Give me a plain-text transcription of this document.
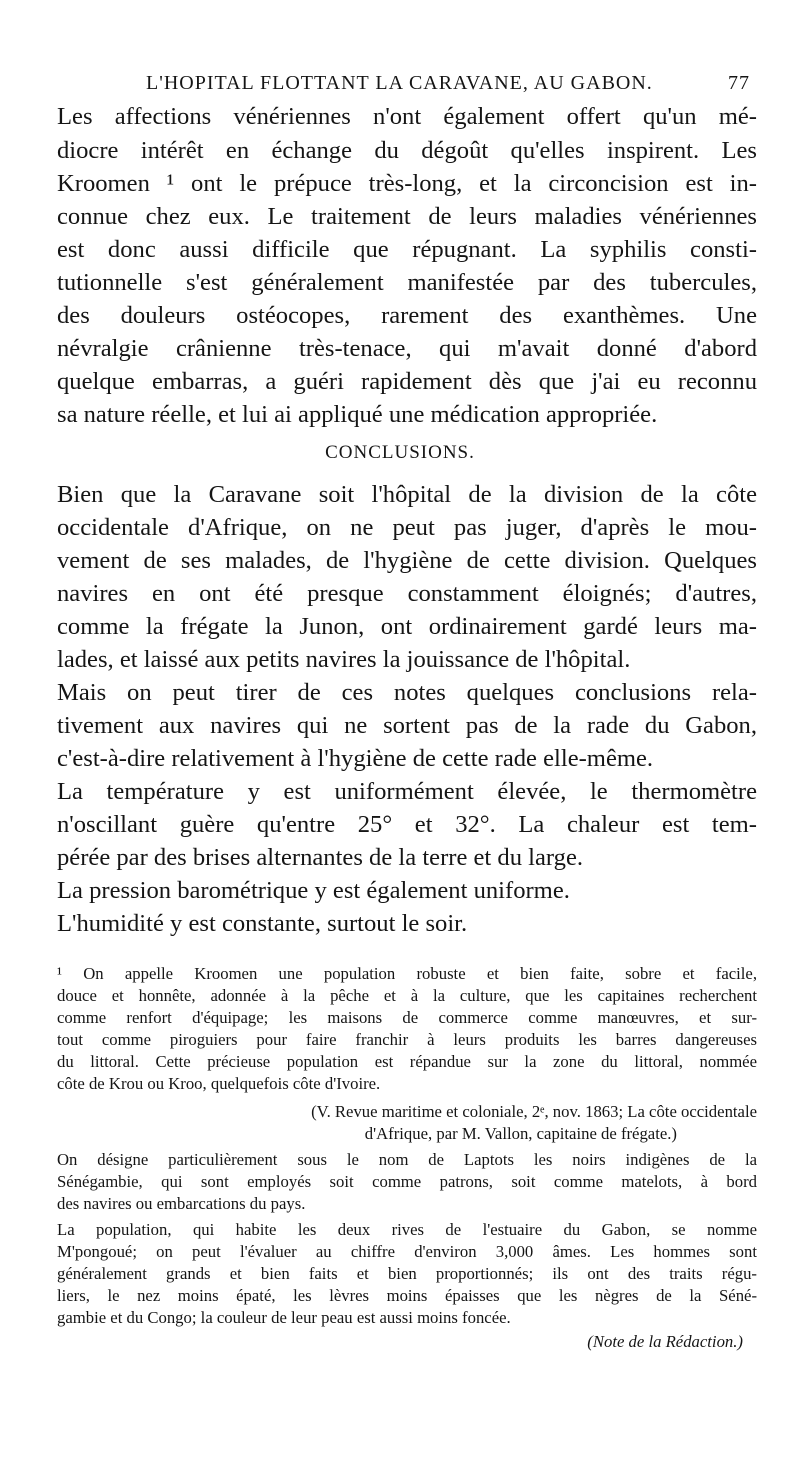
L'HOPITAL FLOTTANT LA CARAVANE, AU GABON.	77
Les affections vénériennes n'ont également offert qu'un mé-
diocre intérêt en échange du dégoût qu'elles inspirent. Les
Kroomen ¹ ont le prépuce très-long, et la circoncision est in-
connue chez eux. Le traitement de leurs maladies vénériennes
est donc aussi difficile que répugnant. La syphilis consti-
tutionnelle s'est généralement manifestée par des tubercules,
des douleurs ostéocopes, rarement des exanthèmes. Une
névralgie crânienne très-tenace, qui m'avait donné d'abord
quelque embarras, a guéri rapidement dès que j'ai eu reconnu
sa nature réelle, et lui ai appliqué une médication appropriée.
CONCLUSIONS.
Bien que la Caravane soit l'hôpital de la division de la côte
occidentale d'Afrique, on ne peut pas juger, d'après le mou-
vement de ses malades, de l'hygiène de cette division. Quelques
navires en ont été presque constamment éloignés; d'autres,
comme la frégate la Junon, ont ordinairement gardé leurs ma-
lades, et laissé aux petits navires la jouissance de l'hôpital.
Mais on peut tirer de ces notes quelques conclusions rela-
tivement aux navires qui ne sortent pas de la rade du Gabon,
c'est-à-dire relativement à l'hygiène de cette rade elle-même.
La température y est uniformément élevée, le thermomètre
n'oscillant guère qu'entre 25° et 32°. La chaleur est tem-
pérée par des brises alternantes de la terre et du large.
La pression barométrique y est également uniforme.
L'humidité y est constante, surtout le soir.
¹ On appelle Kroomen une population robuste et bien faite, sobre et facile,
douce et honnête, adonnée à la pêche et à la culture, que les capitaines recherchent
comme renfort d'équipage; les maisons de commerce comme manœuvres, et sur-
tout comme piroguiers pour faire franchir à leurs produits les barres dangereuses
du littoral. Cette précieuse population est répandue sur la zone du littoral, nommée
côte de Krou ou Kroo, quelquefois côte d'Ivoire.
(V. Revue maritime et coloniale, 2ᵉ, nov. 1863; La côte occidentale
d'Afrique, par M. Vallon, capitaine de frégate.)
On désigne particulièrement sous le nom de Laptots les noirs indigènes de la
Sénégambie, qui sont employés soit comme patrons, soit comme matelots, à bord
des navires ou embarcations du pays.
La population, qui habite les deux rives de l'estuaire du Gabon, se nomme
M'pongoué; on peut l'évaluer au chiffre d'environ 3,000 âmes. Les hommes sont
généralement grands et bien faits et bien proportionnés; ils ont des traits régu-
liers, le nez moins épaté, les lèvres moins épaisses que les nègres de la Séné-
gambie et du Congo; la couleur de leur peau est aussi moins foncée.
(Note de la Rédaction.)
